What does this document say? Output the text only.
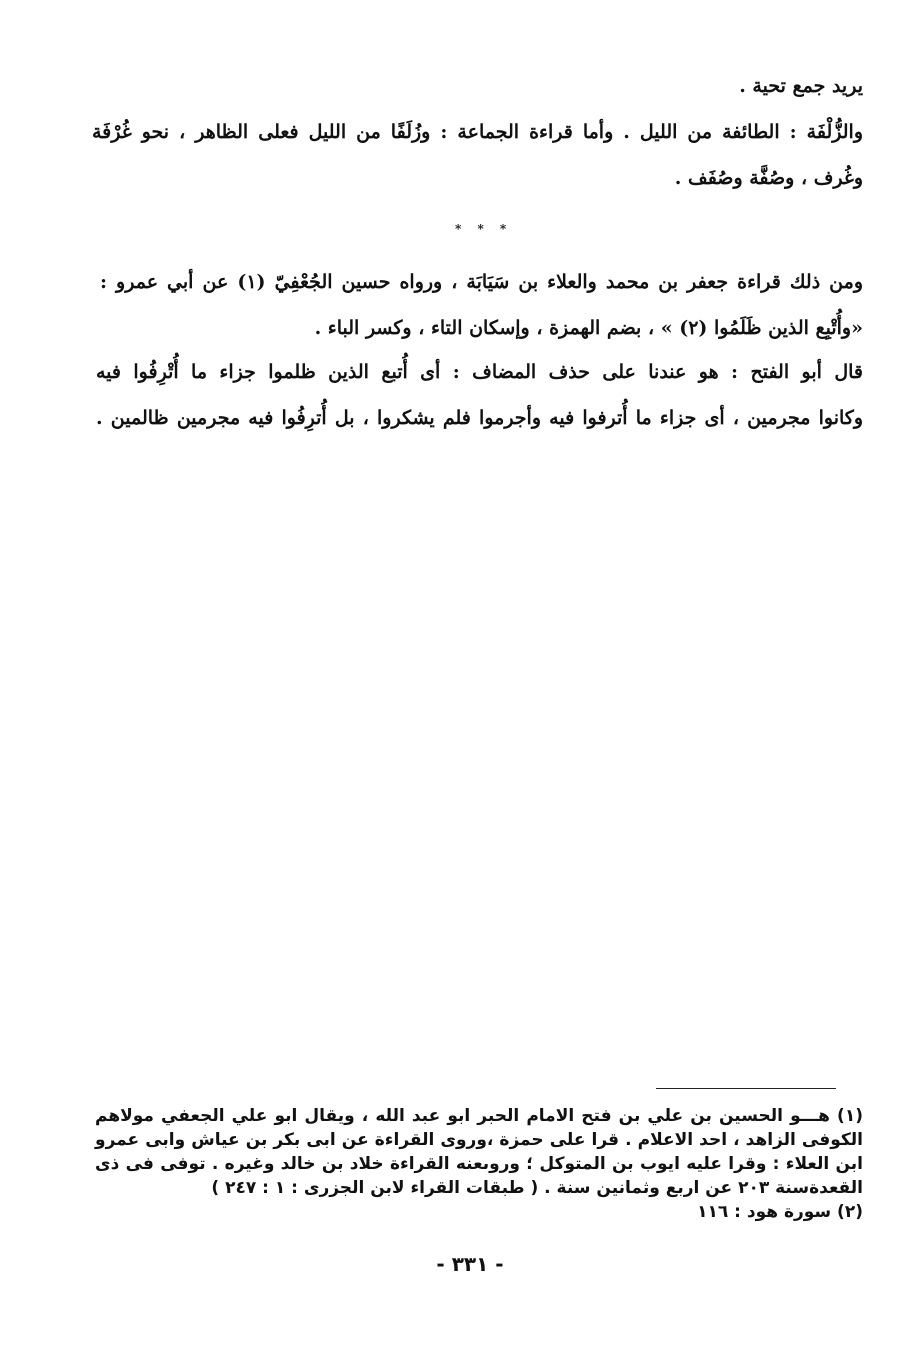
يريد جمع تحية .
والزُّلْفَة : الطائفة من الليل . وأما قراءة الجماعة : وزُلَفًا من الليل فعلى الظاهر ، نحو غُرْفَة
وغُرف ، وصُفَّة وصُفَف .
* * *
ومن ذلك قراءة جعفر بن محمد والعلاء بن سَيَابَة ، ورواه حسين الجُعْفِيّ (١) عن أبي عمرو :
«وأُتْبِع الذين ظَلَمُوا (٢) » ، بضم الهمزة ، وإسكان التاء ، وكسر الباء .
قال أبو الفتح : هو عندنا على حذف المضاف : أى أُتبع الذين ظلموا جزاء ما أُتْرِفُوا فيه
وكانوا مجرمين ، أى جزاء ما أُترفوا فيه وأجرموا فلم يشكروا ، بل أُترِفُوا فيه مجرمين ظالمين .
(١) هـــو الحسين بن علي بن فتح الامام الحبر ابو عبد الله ، ويقال ابو علي الجعفي مولاهم
الكوفى الزاهد ، احد الاعلام . قرا على حمزة ،وروى القراءة عن ابى بكر بن عياش وابى عمرو
ابن العلاء : وقرا عليه ايوب بن المتوكل ؛ وروىعنه القراءة خلاد بن خالد وغيره . توفى فى ذى
القعدةسنة ٢٠٣ عن اربع وثمانين سنة . ( طبقات القراء لابن الجزرى : ١ : ٢٤٧ )
(٢) سورة هود : ١١٦
- ٣٣١ -
